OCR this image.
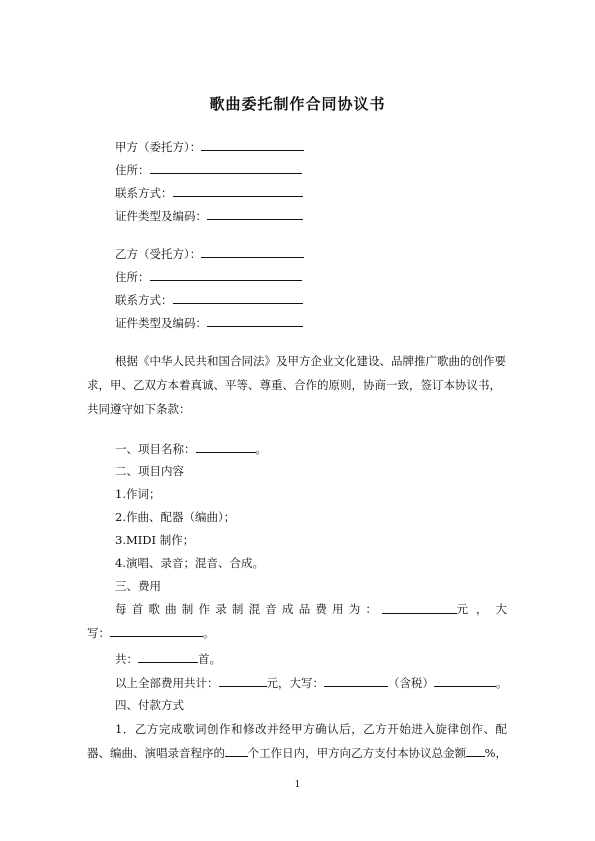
歌曲委托制作合同协议书
甲方（委托方）：
住所：
联系方式：
证件类型及编码：
乙方（受托方）：
住所：
联系方式：
证件类型及编码：
根据《中华人民共和国合同法》及甲方企业文化建设、品牌推广歌曲的创作要求，甲、乙双方本着真诚、平等、尊重、合作的原则，协商一致，签订本协议书，共同遵守如下条款：
一、项目名称：	。
二、项目内容
1.作词；
2.作曲、配器（编曲）；
3.MIDI 制作；
4.演唱、录音；混音、合成。
三、费用
每首歌曲制作录制混音成品费用为：	元， 大
写：	。
共：	首。
以上全部费用共计：	元，大写：	（含税）	。
四、付款方式
1．乙方完成歌词创作和修改并经甲方确认后，乙方开始进入旋律创作、配
器、编曲、演唱录音程序的 个工作日内，甲方向乙方支付本协议总金额 %，
1
